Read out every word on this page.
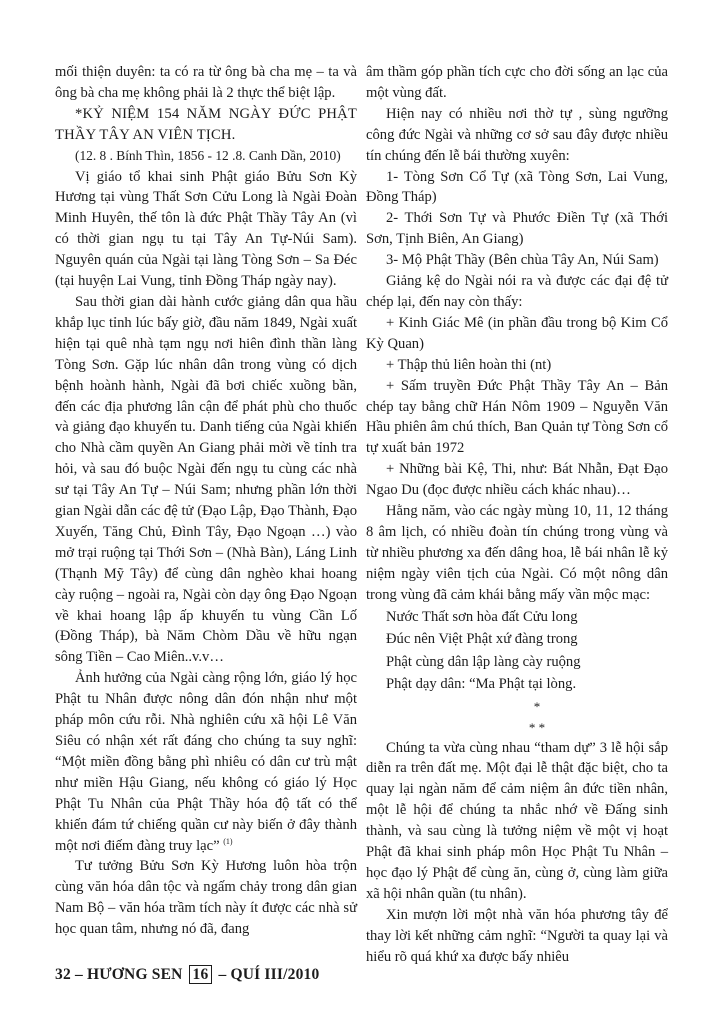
mối thiện duyên: ta có ra từ ông bà cha mẹ – ta và ông bà cha mẹ không phải là 2 thực thể biệt lập.

*KỶ NIỆM 154 NĂM NGÀY ĐỨC PHẬT THẦY TÂY AN VIÊN TỊCH.

(12. 8 . Bính Thìn, 1856 - 12 .8. Canh Dần, 2010)

Vị giáo tổ khai sinh Phật giáo Bửu Sơn Kỳ Hương tại vùng Thất Sơn Cửu Long là Ngài Đoàn Minh Huyên, thế tôn là đức Phật Thầy Tây An (vì có thời gian ngụ tu tại Tây An Tự-Núi Sam). Nguyên quán của Ngài tại làng Tòng Sơn – Sa Đéc (tại huyện Lai Vung, tỉnh Đồng Tháp ngày nay).

Sau thời gian dài hành cước giảng dân qua hầu khắp lục tỉnh lúc bấy giờ, đầu năm 1849, Ngài xuất hiện tại quê nhà tạm ngụ nơi hiên đình thần làng Tòng Sơn. Gặp lúc nhân dân trong vùng có dịch bệnh hoành hành, Ngài đã bơi chiếc xuồng bần, đến các địa phương lân cận để phát phù cho thuốc và giảng đạo khuyến tu. Danh tiếng của Ngài khiến cho Nhà cầm quyền An Giang phải mời về tỉnh tra hỏi, và sau đó buộc Ngài đến ngụ tu cùng các nhà sư tại Tây An Tự – Núi Sam; nhưng phần lớn thời gian Ngài dẫn các đệ tử (Đạo Lập, Đạo Thành, Đạo Xuyến, Tăng Chủ, Đình Tây, Đạo Ngoạn …) vào mở trại ruộng tại Thới Sơn – (Nhà Bàn), Láng Linh (Thạnh Mỹ Tây) để cùng dân nghèo khai hoang cày ruộng – ngoài ra, Ngài còn dạy ông Đạo Ngoạn về khai hoang lập ấp khuyến tu vùng Cần Lố (Đồng Tháp), bà Năm Chòm Dầu về hữu ngạn sông Tiền – Cao Miên..v.v…

Ảnh hưởng của Ngài càng rộng lớn, giáo lý học Phật tu Nhân được nông dân đón nhận như một pháp môn cứu rỗi. Nhà nghiên cứu xã hội Lê Văn Siêu có nhận xét rất đáng cho chúng ta suy nghĩ: “Một miền đồng bằng phì nhiêu có dân cư trù mật như miền Hậu Giang, nếu không có giáo lý Học Phật Tu Nhân của Phật Thầy hóa độ tất có thể khiến đám tứ chiếng quần cư này biến ở đây thành một nơi điếm đàng truy lạc” $^{(1)}$

Tư tưởng Bửu Sơn Kỳ Hương luôn hòa trộn cùng văn hóa dân tộc và ngấm chảy trong dân gian Nam Bộ – văn hóa trầm tích này ít được các nhà sử học quan tâm, nhưng nó đã, đang

âm thầm góp phần tích cực cho đời sống an lạc của một vùng đất.

Hiện nay có nhiều nơi thờ tự , sùng ngưỡng công đức Ngài và những cơ sở sau đây được nhiều tín chúng đến lễ bái thường xuyên:

1- Tòng Sơn Cổ Tự (xã Tòng Sơn, Lai Vung, Đồng Tháp)

2- Thới Sơn Tự và Phước Điền Tự (xã Thới Sơn, Tịnh Biên, An Giang)

3- Mộ Phật Thầy (Bên chùa Tây An, Núi Sam)

Giảng kệ do Ngài nói ra và được các đại đệ tử chép lại, đến nay còn thấy:

+ Kinh Giác Mê (in phần đầu trong bộ Kim Cổ Kỳ Quan)

+ Thập thủ liên hoàn thi (nt)

+ Sấm truyền Đức Phật Thầy Tây An – Bản chép tay bằng chữ Hán Nôm 1909 – Nguyễn Văn Hầu phiên âm chú thích, Ban Quản tự Tòng Sơn cổ tự xuất bản 1972

+ Những bài Kệ, Thi, như: Bát Nhẫn, Đạt Đạo Ngao Du (đọc được nhiều cách khác nhau)…

Hằng năm, vào các ngày mùng 10, 11, 12 tháng 8 âm lịch, có nhiều đoàn tín chúng trong vùng và từ nhiều phương xa đến dâng hoa, lễ bái nhân lễ kỷ niệm ngày viên tịch của Ngài. Có một nông dân trong vùng đã cảm khái bằng mấy vần mộc mạc:

Nước Thất sơn hòa đất Cửu long

Đúc nên Việt Phật xứ đàng trong

Phật cùng dân lập làng cày ruộng

Phật dạy dân: “Ma Phật tại lòng.

*

* *

Chúng ta vừa cùng nhau “tham dự” 3 lễ hội sắp diễn ra trên đất mẹ. Một đại lễ thật đặc biệt, cho ta quay lại ngàn năm để cảm niệm ân đức tiền nhân, một lễ hội để chúng ta nhắc nhớ về Đấng sinh thành, và sau cùng là tưởng niệm về một vị hoạt Phật đã khai sinh pháp môn Học Phật Tu Nhân – học đạo lý Phật để cùng ăn, cùng ở, cùng làm giữa xã hội nhân quần (tu nhân).

Xin mượn lời một nhà văn hóa phương tây để thay lời kết những cảm nghĩ: “Người ta quay lại và hiểu rõ quá khứ xa được bấy nhiêu

32 – HƯƠNG SEN 16 – QUÍ III/2010
